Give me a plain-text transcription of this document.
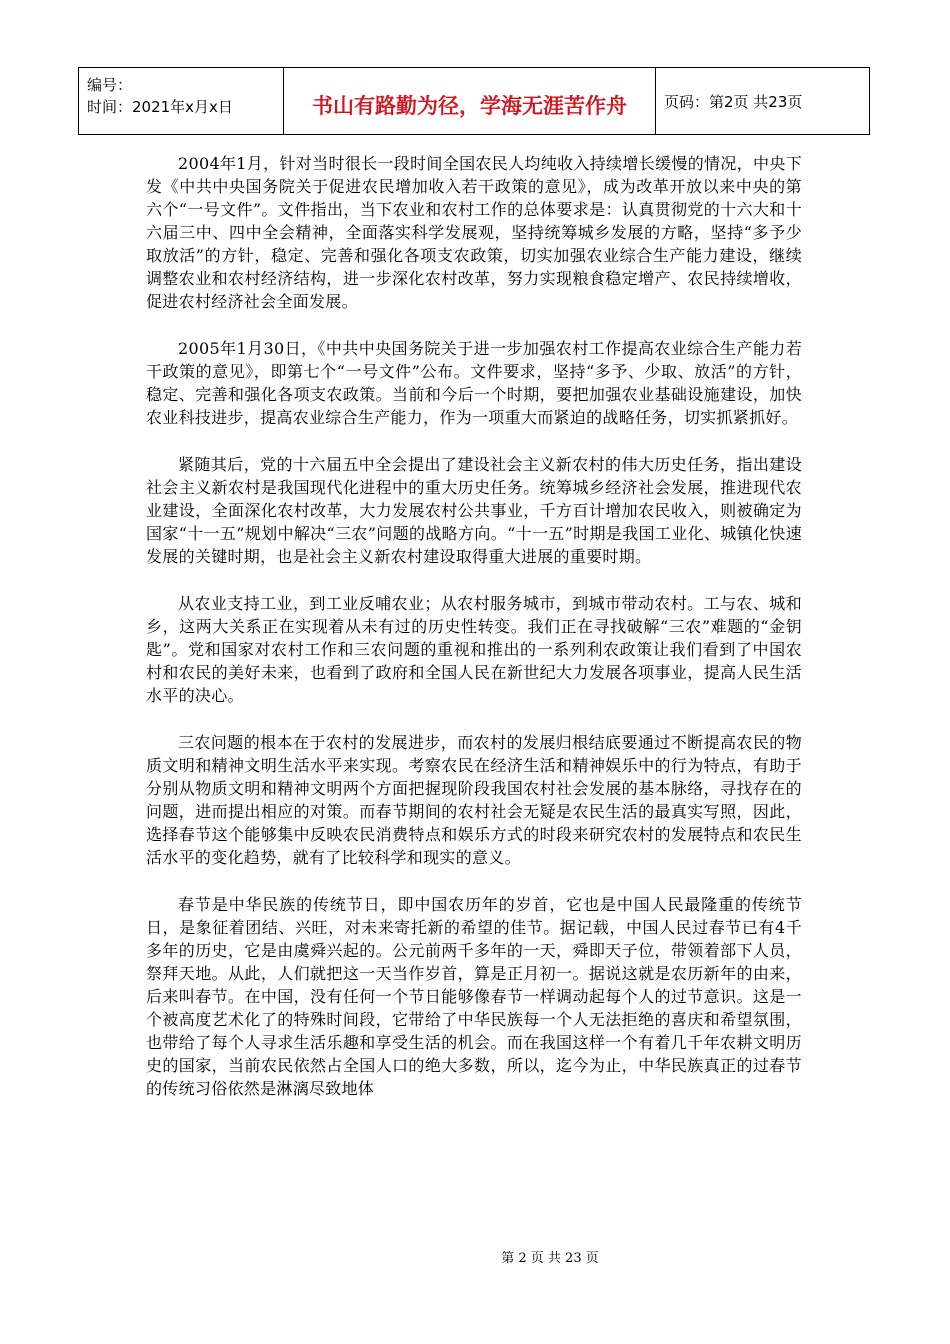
编号：
时间：2021年x月x日	书山有路勤为径，学海无涯苦作舟	页码：第2页 共23页

2004年1月，针对当时很长一段时间全国农民人均纯收入持续增长缓慢的情况，中央下发《中共中央国务院关于促进农民增加收入若干政策的意见》，成为改革开放以来中央的第六个“一号文件”。文件指出，当下农业和农村工作的总体要求是：认真贯彻党的十六大和十六届三中、四中全会精神，全面落实科学发展观，坚持统筹城乡发展的方略，坚持“多予少取放活”的方针，稳定、完善和强化各项支农政策，切实加强农业综合生产能力建设，继续调整农业和农村经济结构，进一步深化农村改革，努力实现粮食稳定增产、农民持续增收，促进农村经济社会全面发展。

2005年1月30日，《中共中央国务院关于进一步加强农村工作提高农业综合生产能力若干政策的意见》，即第七个“一号文件”公布。文件要求，坚持“多予、少取、放活”的方针，稳定、完善和强化各项支农政策。当前和今后一个时期，要把加强农业基础设施建设，加快农业科技进步，提高农业综合生产能力，作为一项重大而紧迫的战略任务，切实抓紧抓好。

紧随其后，党的十六届五中全会提出了建设社会主义新农村的伟大历史任务，指出建设社会主义新农村是我国现代化进程中的重大历史任务。统筹城乡经济社会发展，推进现代农业建设，全面深化农村改革，大力发展农村公共事业，千方百计增加农民收入，则被确定为国家“十一五”规划中解决“三农”问题的战略方向。“十一五”时期是我国工业化、城镇化快速发展的关键时期，也是社会主义新农村建设取得重大进展的重要时期。

从农业支持工业，到工业反哺农业；从农村服务城市，到城市带动农村。工与农、城和乡，这两大关系正在实现着从未有过的历史性转变。我们正在寻找破解“三农”难题的“金钥匙”。党和国家对农村工作和三农问题的重视和推出的一系列利农政策让我们看到了中国农村和农民的美好未来，也看到了政府和全国人民在新世纪大力发展各项事业，提高人民生活水平的决心。

三农问题的根本在于农村的发展进步，而农村的发展归根结底要通过不断提高农民的物质文明和精神文明生活水平来实现。考察农民在经济生活和精神娱乐中的行为特点，有助于分别从物质文明和精神文明两个方面把握现阶段我国农村社会发展的基本脉络，寻找存在的问题，进而提出相应的对策。而春节期间的农村社会无疑是农民生活的最真实写照，因此，选择春节这个能够集中反映农民消费特点和娱乐方式的时段来研究农村的发展特点和农民生活水平的变化趋势，就有了比较科学和现实的意义。

春节是中华民族的传统节日，即中国农历年的岁首，它也是中国人民最隆重的传统节日，是象征着团结、兴旺，对未来寄托新的希望的佳节。据记载，中国人民过春节已有4千多年的历史，它是由虞舜兴起的。公元前两千多年的一天，舜即天子位，带领着部下人员，祭拜天地。从此，人们就把这一天当作岁首，算是正月初一。据说这就是农历新年的由来，后来叫春节。在中国，没有任何一个节日能够像春节一样调动起每个人的过节意识。这是一个被高度艺术化了的特殊时间段，它带给了中华民族每一个人无法拒绝的喜庆和希望氛围，也带给了每个人寻求生活乐趣和享受生活的机会。而在我国这样一个有着几千年农耕文明历史的国家，当前农民依然占全国人口的绝大多数，所以，迄今为止，中华民族真正的过春节的传统习俗依然是淋漓尽致地体

第 2 页 共 23 页
